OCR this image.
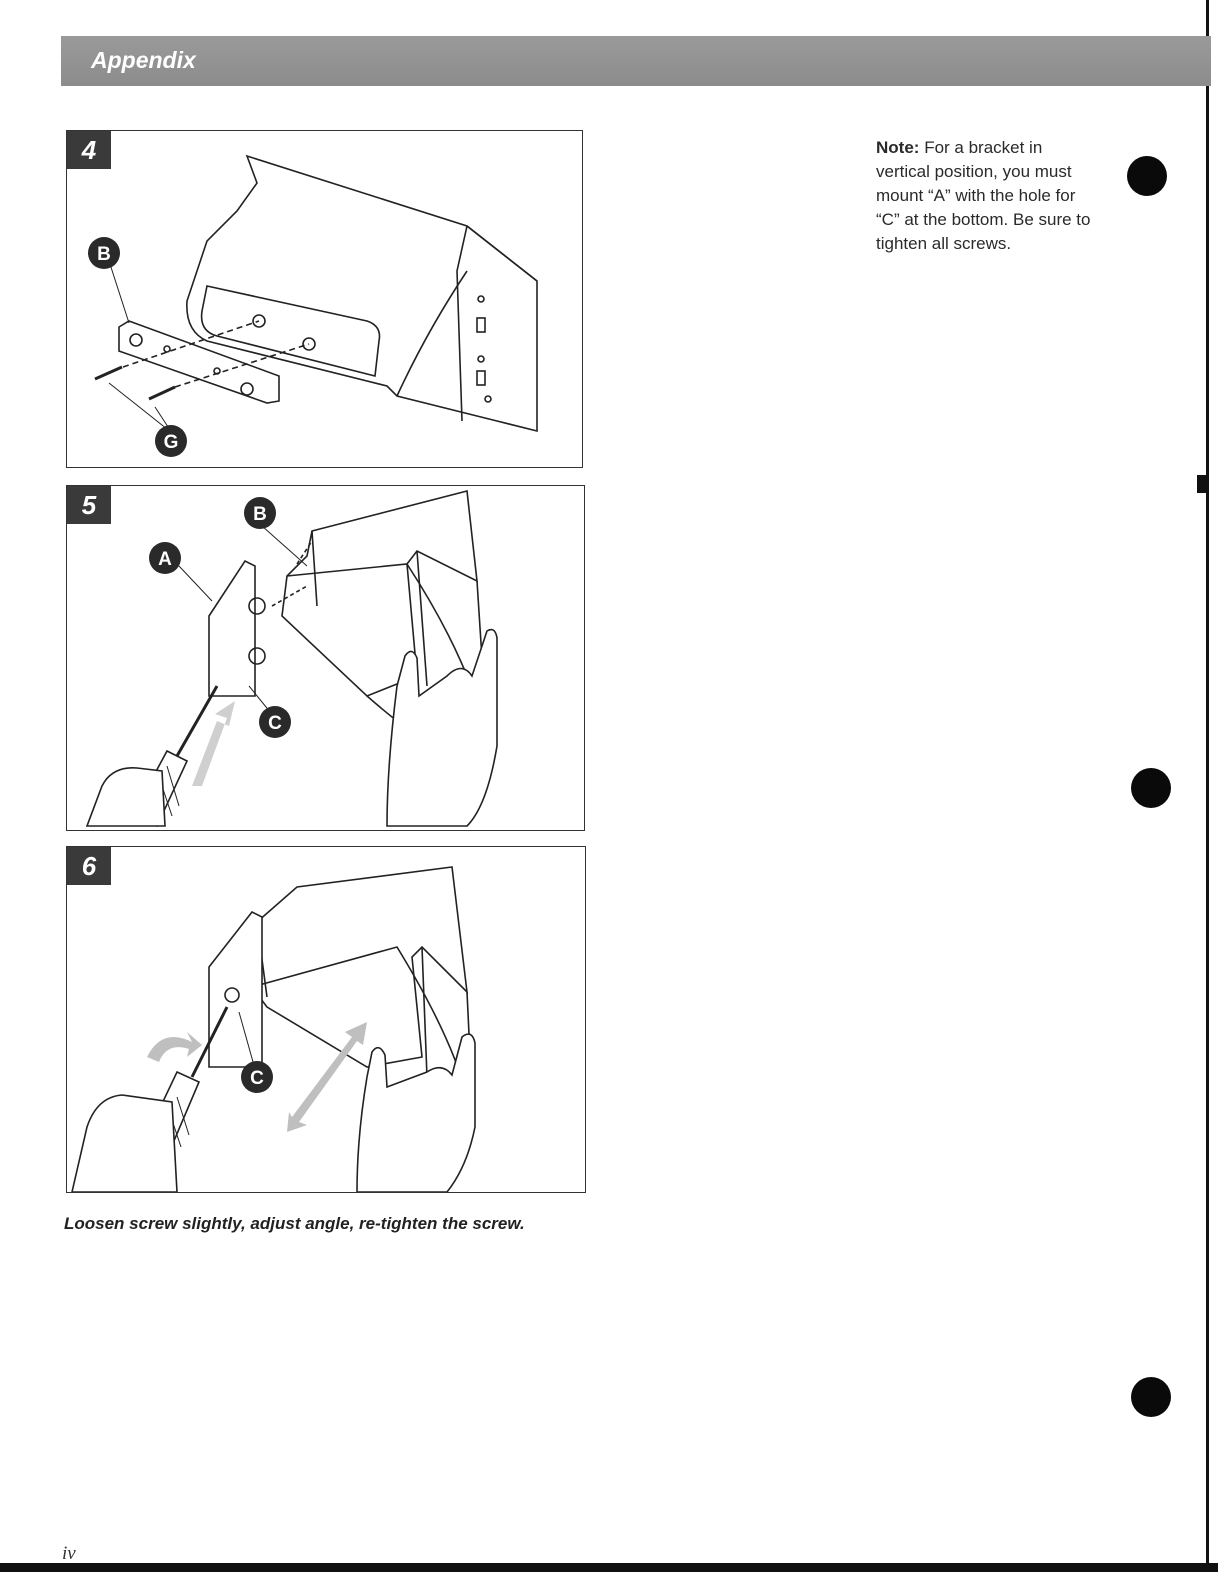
Appendix
B
G
4
A
B
C
5
C
6
Loosen screw slightly, adjust angle, re-tighten the screw.
Note: For a bracket in vertical position, you must mount “A” with the hole for “C” at the bottom. Be sure to tighten all screws.
iv
